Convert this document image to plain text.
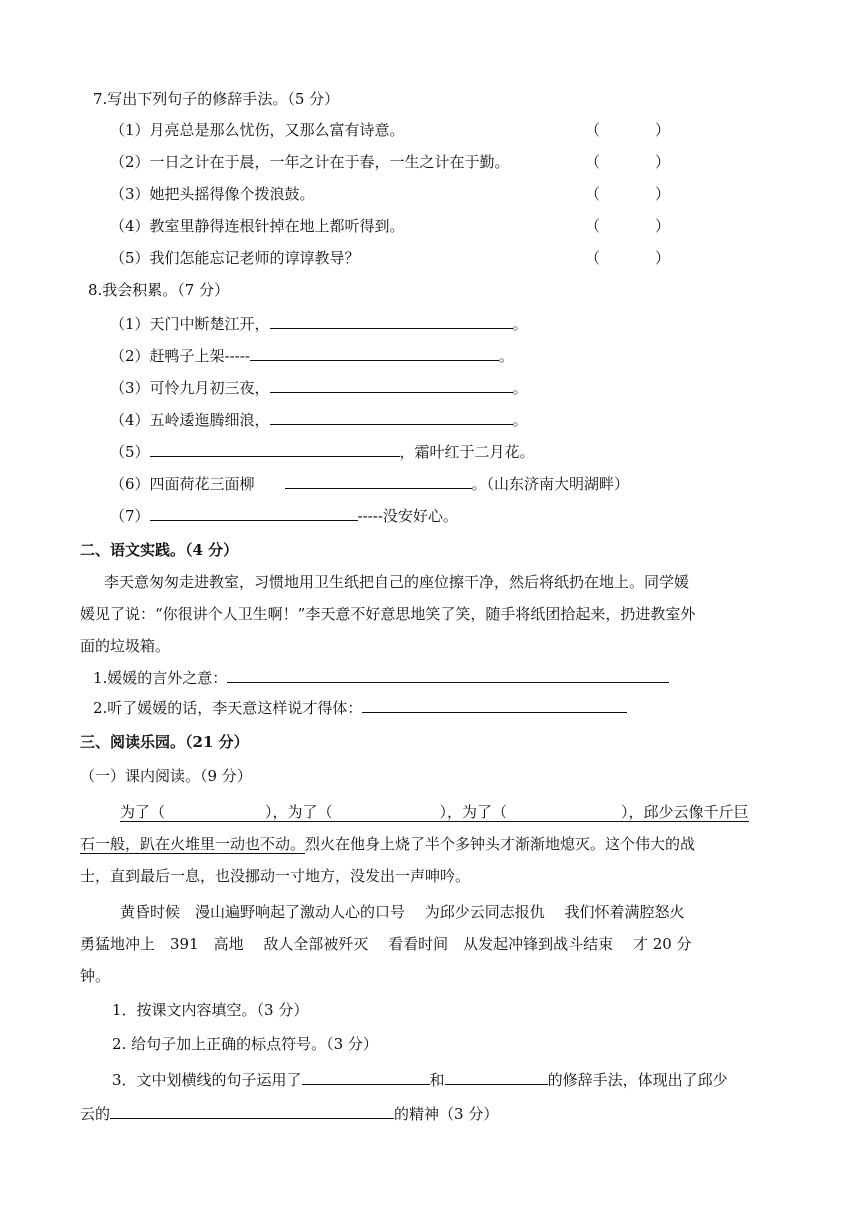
7.写出下列句子的修辞手法。（5 分）
（1）月亮总是那么忧伤，又那么富有诗意。	（	）
（2）一日之计在于晨，一年之计在于春，一生之计在于勤。	（	）
（3）她把头摇得像个拨浪鼓。	（	）
（4）教室里静得连根针掉在地上都听得到。	（	）
（5）我们怎能忘记老师的谆谆教导？	（	）
8.我会积累。（7 分）
（1）天门中断楚江开，	。
（2）赶鸭子上架-----	。
（3）可怜九月初三夜，	。
（4）五岭逶迤腾细浪，	。
（5）	，霜叶红于二月花。
（6）四面荷花三面柳	。（山东济南大明湖畔）
（7）	-----没安好心。
二、语文实践。（4 分）
李天意匆匆走进教室，习惯地用卫生纸把自己的座位擦干净，然后将纸扔在地上。同学媛
媛见了说：“你很讲个人卫生啊！”李天意不好意思地笑了笑，随手将纸团拾起来，扔进教室外
面的垃圾箱。
1.媛媛的言外之意：
2.听了媛媛的话，李天意这样说才得体：
三、阅读乐园。（21 分）
（一）课内阅读。（9 分）
为了（	），为了（	），为了（	），邱少云像千斤巨
石一般，趴在火堆里一动也不动。烈火在他身上烧了半个多钟头才渐渐地熄灭。这个伟大的战
士，直到最后一息，也没挪动一寸地方，没发出一声呻吟。
黄昏时候　漫山遍野响起了激动人心的口号　 为邱少云同志报仇　 我们怀着满腔怒火
勇猛地冲上　391　高地　 敌人全部被歼灭　 看看时间　从发起冲锋到战斗结束　 才 20 分
钟。
1．按课文内容填空。（3 分）
2. 给句子加上正确的标点符号。（3 分）
3．文中划横线的句子运用了	和	的修辞手法，体现出了邱少
云的	的精神（3 分）
